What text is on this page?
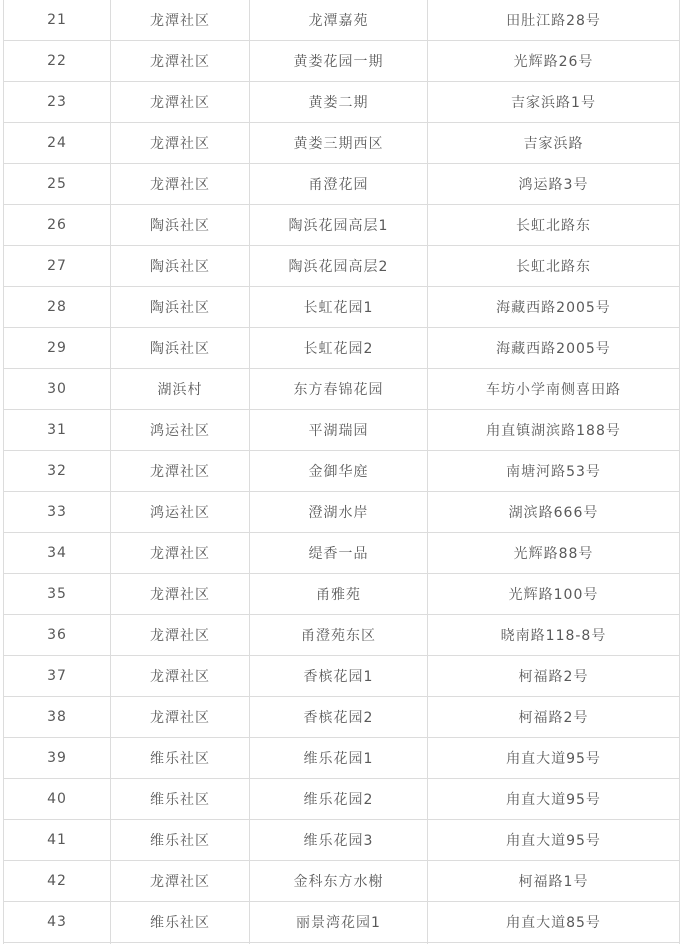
21	龙潭社区	龙潭嘉苑	田肚江路28号
22	龙潭社区	黄娄花园一期	光辉路26号
23	龙潭社区	黄娄二期	吉家浜路1号
24	龙潭社区	黄娄三期西区	吉家浜路
25	龙潭社区	甬澄花园	鸿运路3号
26	陶浜社区	陶浜花园高层1	长虹北路东
27	陶浜社区	陶浜花园高层2	长虹北路东
28	陶浜社区	长虹花园1	海藏西路2005号
29	陶浜社区	长虹花园2	海藏西路2005号
30	湖浜村	东方春锦花园	车坊小学南侧喜田路
31	鸿运社区	平湖瑞园	甪直镇湖滨路188号
32	龙潭社区	金御华庭	南塘河路53号
33	鸿运社区	澄湖水岸	湖滨路666号
34	龙潭社区	缇香一品	光辉路88号
35	龙潭社区	甬雅苑	光辉路100号
36	龙潭社区	甬澄苑东区	晓南路118-8号
37	龙潭社区	香槟花园1	柯福路2号
38	龙潭社区	香槟花园2	柯福路2号
39	维乐社区	维乐花园1	甪直大道95号
40	维乐社区	维乐花园2	甪直大道95号
41	维乐社区	维乐花园3	甪直大道95号
42	龙潭社区	金科东方水榭	柯福路1号
43	维乐社区	丽景湾花园1	甪直大道85号
